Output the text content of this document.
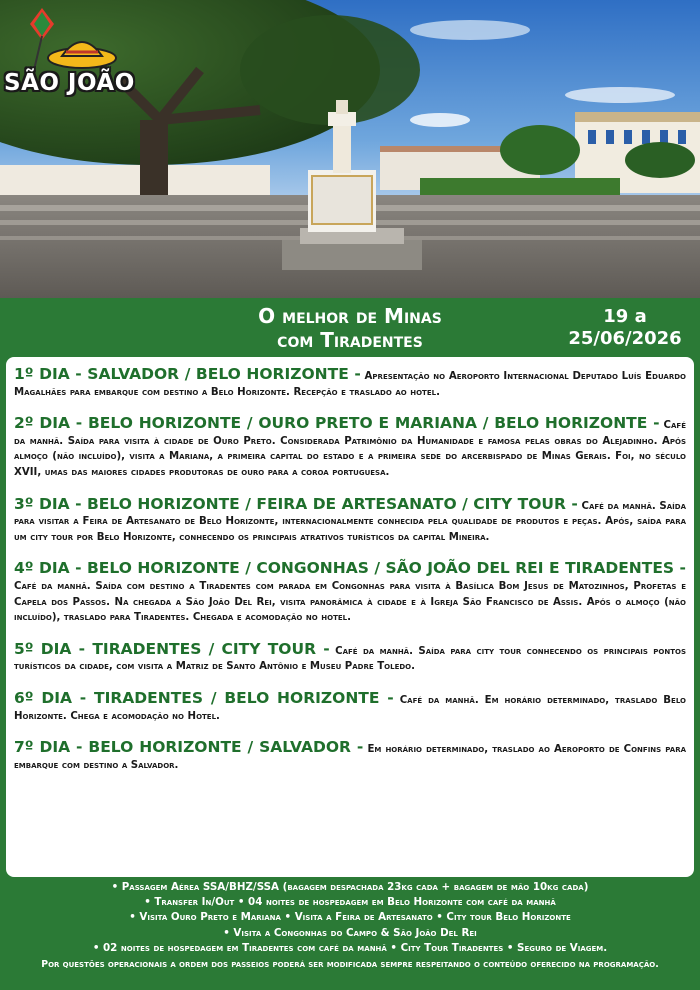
SÃO JOÃO
O melhor de Minas
com Tiradentes
19 a
25/06/2026

1º DIA - SALVADOR / BELO HORIZONTE - Apresentação no Aeroporto Internacional Deputado Luís Eduardo Magalhães para embarque com destino a Belo Horizonte. Recepção e traslado ao hotel.

2º DIA - BELO HORIZONTE / OURO PRETO E MARIANA / BELO HORIZONTE - Café da manhã. Saída para visita à cidade de Ouro Preto. Considerada Patrimônio da Humanidade e famosa pelas obras do Alejadinho. Após almoço (não incluído), visita a Mariana, a primeira capital do estado e a primeira sede do arcerbispado de Minas Gerais. Foi, no século XVII, umas das maiores cidades produtoras de ouro para a coroa portuguesa.

3º DIA - BELO HORIZONTE / FEIRA DE ARTESANATO / CITY TOUR - Café da manhã. Saída para visitar a Feira de Artesanato de Belo Horizonte, internacionalmente conhecida pela qualidade de produtos e peças. Após, saída para um city tour por Belo Horizonte, conhecendo os principais atrativos turísticos da capital Mineira.

4º DIA - BELO HORIZONTE / CONGONHAS / SÃO JOÃO DEL REI E TIRADENTES - Café da manhã. Saída com destino a Tiradentes com parada em Congonhas para visita à Basílica Bom Jesus de Matozinhos, Profetas e Capela dos Passos. Na chegada a São João Del Rei, visita panorâmica à cidade e à Igreja São Francisco de Assis. Após o almoço (não incluído), traslado para Tiradentes. Chegada e acomodação no hotel.

5º DIA - TIRADENTES / CITY TOUR - Café da manhã. Saída para city tour conhecendo os principais pontos turísticos da cidade, com visita a Matriz de Santo Antônio e Museu Padre Toledo.

6º DIA - TIRADENTES / BELO HORIZONTE - Café da manhã. Em horário determinado, traslado Belo Horizonte. Chega e acomodação no Hotel.

7º DIA - BELO HORIZONTE / SALVADOR - Em horário determinado, traslado ao Aeroporto de Confins para embarque com destino a Salvador.

• Passagem Aérea SSA/BHZ/SSA (bagagem despachada 23kg cada + bagagem de mão 10kg cada)
• Transfer In/Out • 04 noites de hospedagem em Belo Horizonte com café da manhã
• Visita Ouro Preto e Mariana • Visita a Feira de Artesanato • City tour Belo Horizonte
• Visita a Congonhas do Campo & São João Del Rei
• 02 noites de hospedagem em Tiradentes com café da manhã • City Tour Tiradentes • Seguro de Viagem.
Por questões operacionais a ordem dos passeios poderá ser modificada sempre respeitando o conteúdo oferecido na programação.
